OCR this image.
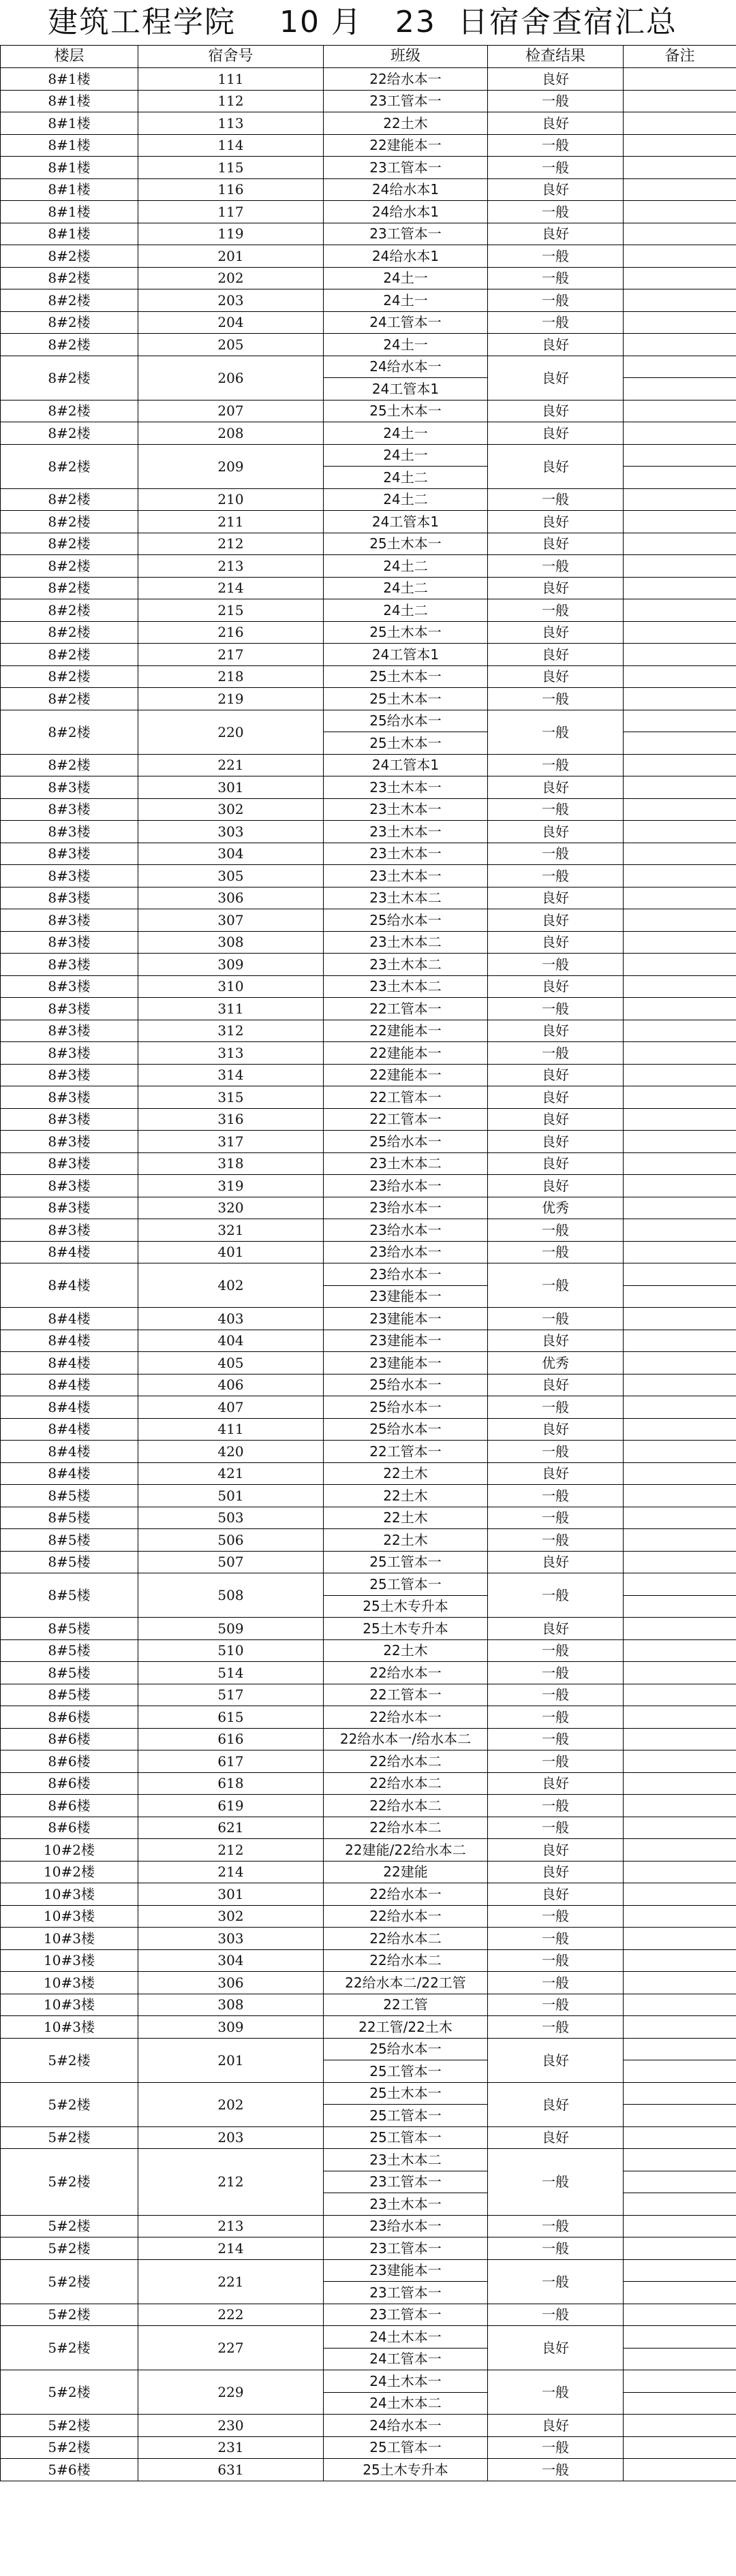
建筑工程学院    10 月   23  日宿舍查宿汇总
楼层	宿舍号	班级	检查结果	备注
8#1楼	111	22给水本一	良好	
8#1楼	112	23工管本一	一般	
8#1楼	113	22土木	良好	
8#1楼	114	22建能本一	一般	
8#1楼	115	23工管本一	一般	
8#1楼	116	24给水本1	良好	
8#1楼	117	24给水本1	一般	
8#1楼	119	23工管本一	良好	
8#2楼	201	24给水本1	一般	
8#2楼	202	24土一	一般	
8#2楼	203	24土一	一般	
8#2楼	204	24工管本一	一般	
8#2楼	205	24土一	良好	
8#2楼	206	24给水本一	良好	
		24工管本1		
8#2楼	207	25土木本一	良好	
8#2楼	208	24土一	良好	
8#2楼	209	24土一	良好	
		24土二		
8#2楼	210	24土二	一般	
8#2楼	211	24工管本1	良好	
8#2楼	212	25土木本一	良好	
8#2楼	213	24土二	一般	
8#2楼	214	24土二	良好	
8#2楼	215	24土二	一般	
8#2楼	216	25土木本一	良好	
8#2楼	217	24工管本1	良好	
8#2楼	218	25土木本一	良好	
8#2楼	219	25土木本一	一般	
8#2楼	220	25给水本一	一般	
		25土木本一		
8#2楼	221	24工管本1	一般	
8#3楼	301	23土木本一	良好	
8#3楼	302	23土木本一	一般	
8#3楼	303	23土木本一	良好	
8#3楼	304	23土木本一	一般	
8#3楼	305	23土木本一	一般	
8#3楼	306	23土木本二	良好	
8#3楼	307	25给水本一	良好	
8#3楼	308	23土木本二	良好	
8#3楼	309	23土木本二	一般	
8#3楼	310	23土木本二	良好	
8#3楼	311	22工管本一	一般	
8#3楼	312	22建能本一	良好	
8#3楼	313	22建能本一	一般	
8#3楼	314	22建能本一	良好	
8#3楼	315	22工管本一	良好	
8#3楼	316	22工管本一	良好	
8#3楼	317	25给水本一	良好	
8#3楼	318	23土木本二	良好	
8#3楼	319	23给水本一	良好	
8#3楼	320	23给水本一	优秀	
8#3楼	321	23给水本一	一般	
8#4楼	401	23给水本一	一般	
8#4楼	402	23给水本一	一般	
		23建能本一		
8#4楼	403	23建能本一	一般	
8#4楼	404	23建能本一	良好	
8#4楼	405	23建能本一	优秀	
8#4楼	406	25给水本一	良好	
8#4楼	407	25给水本一	一般	
8#4楼	411	25给水本一	良好	
8#4楼	420	22工管本一	一般	
8#4楼	421	22土木	良好	
8#5楼	501	22土木	一般	
8#5楼	503	22土木	一般	
8#5楼	506	22土木	一般	
8#5楼	507	25工管本一	良好	
8#5楼	508	25工管本一	一般	
		25土木专升本		
8#5楼	509	25土木专升本	良好	
8#5楼	510	22土木	一般	
8#5楼	514	22给水本一	一般	
8#5楼	517	22工管本一	一般	
8#6楼	615	22给水本一	一般	
8#6楼	616	22给水本一/给水本二	一般	
8#6楼	617	22给水本二	一般	
8#6楼	618	22给水本二	良好	
8#6楼	619	22给水本二	一般	
8#6楼	621	22给水本二	一般	
10#2楼	212	22建能/22给水本二	良好	
10#2楼	214	22建能	良好	
10#3楼	301	22给水本一	良好	
10#3楼	302	22给水本一	一般	
10#3楼	303	22给水本二	一般	
10#3楼	304	22给水本二	一般	
10#3楼	306	22给水本二/22工管	一般	
10#3楼	308	22工管	一般	
10#3楼	309	22工管/22土木	一般	
5#2楼	201	25给水本一	良好	
		25工管本一		
5#2楼	202	25土木本一	良好	
		25工管本一		
5#2楼	203	25工管本一	良好	
5#2楼	212	23土木本二	一般	
		23工管本一		
		23土木本一		
5#2楼	213	23给水本一	一般	
5#2楼	214	23工管本一	一般	
5#2楼	221	23建能本一	一般	
		23工管本一		
5#2楼	222	23工管本一	一般	
5#2楼	227	24土木本一	良好	
		24工管本一		
5#2楼	229	24土木本一	一般	
		24土木本二		
5#2楼	230	24给水本一	良好	
5#2楼	231	25工管本一	一般	
5#6楼	631	25土木专升本	一般	
